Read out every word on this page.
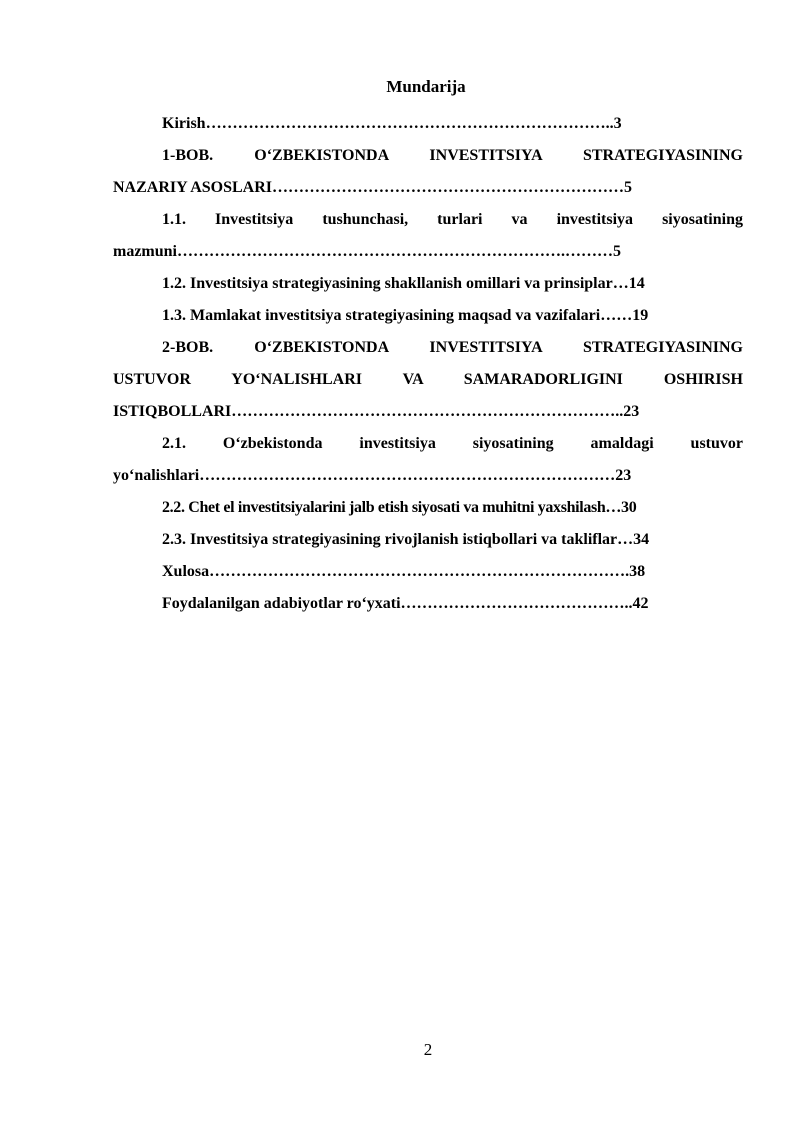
Mundarija

Kirish…………………………………………………………………..3

1-BOB. O‘ZBEKISTONDA INVESTITSIYA STRATEGIYASINING
NAZARIY ASOSLARI…………………………………………………………5

1.1. Investitsiya tushunchasi, turlari va investitsiya siyosatining
mazmuni……………………………………………………………….………5

1.2. Investitsiya strategiyasining shakllanish omillari va prinsiplar…14

1.3. Mamlakat investitsiya strategiyasining maqsad va vazifalari……19

2-BOB. O‘ZBEKISTONDA INVESTITSIYA STRATEGIYASINING
USTUVOR YO‘NALISHLARI VA SAMARADORLIGINI OSHIRISH
ISTIQBOLLARI………………………………………………………………..23

2.1. O‘zbekistonda investitsiya siyosatining amaldagi ustuvor
yo‘nalishlari……………………………………………………………………23

2.2. Chet el investitsiyalarini jalb etish siyosati va muhitni yaxshilash…30

2.3. Investitsiya strategiyasining rivojlanish istiqbollari va takliflar…34

Xulosa…………………………………………………………………….38

Foydalanilgan adabiyotlar ro‘yxati……………………………………..42

2
